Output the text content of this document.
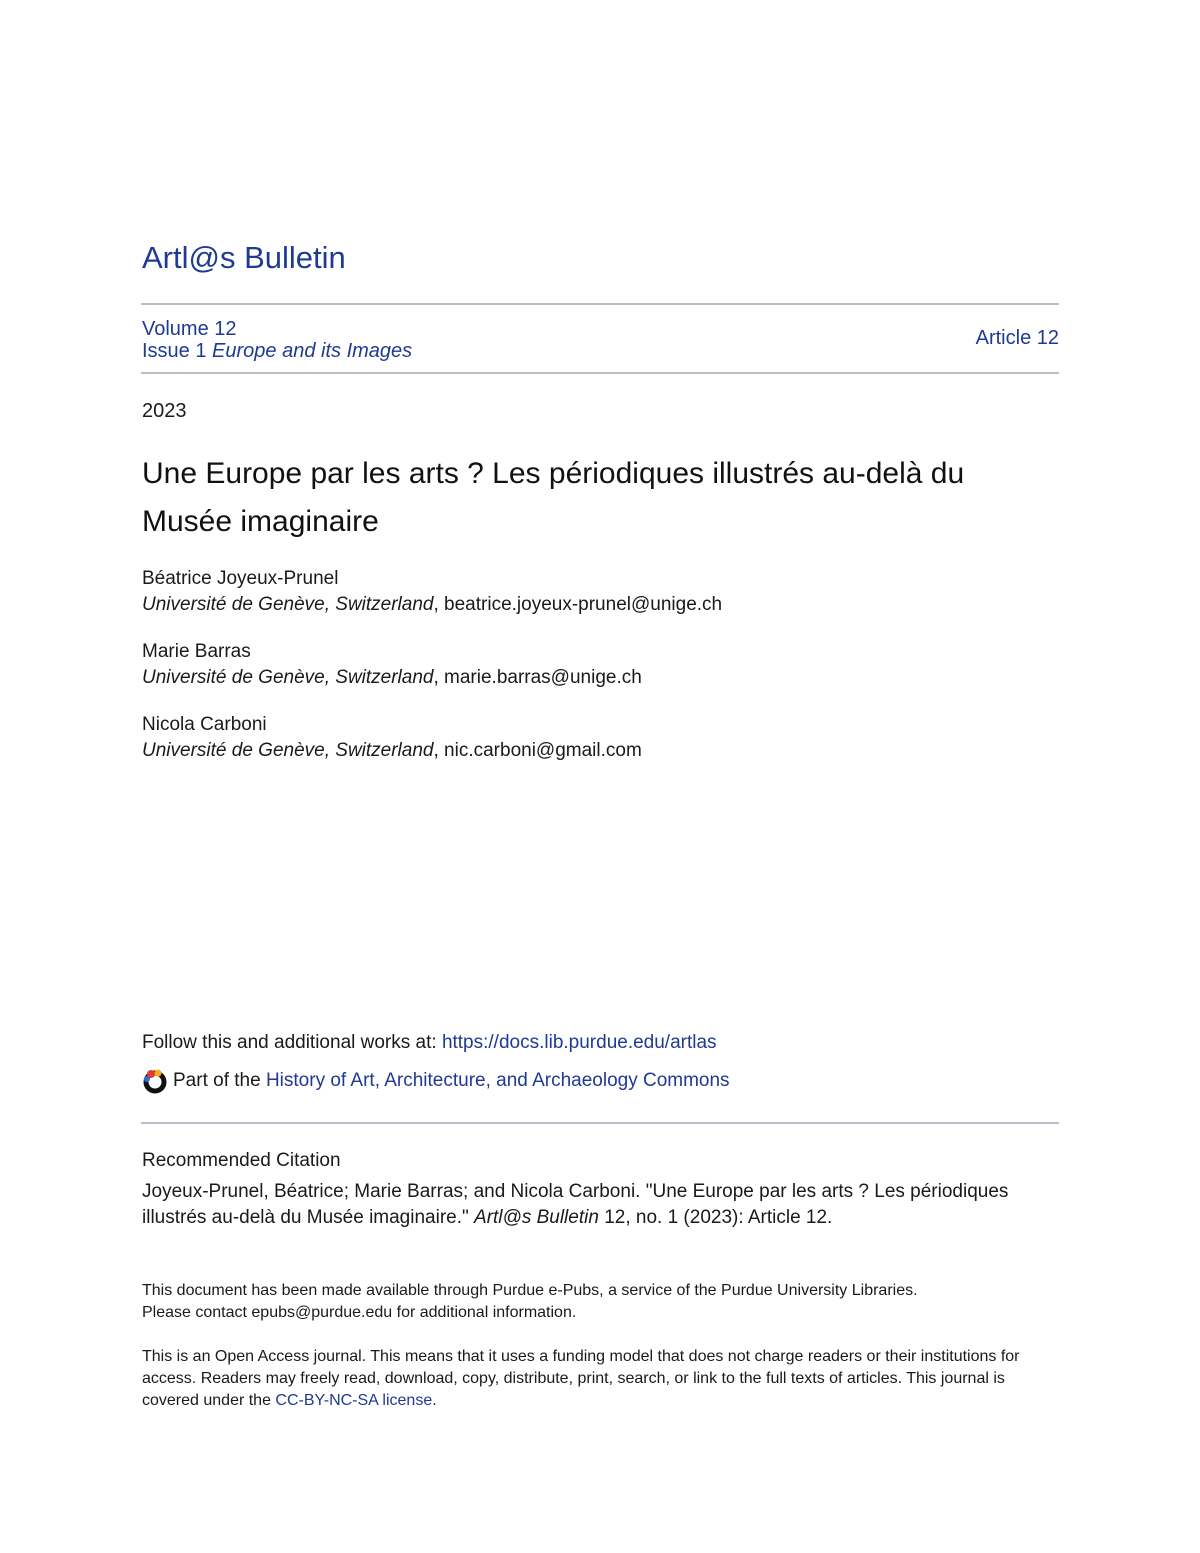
Artl@s Bulletin
Volume 12
Issue 1 Europe and its Images
Article 12
2023
Une Europe par les arts ? Les périodiques illustrés au-delà du Musée imaginaire
Béatrice Joyeux-Prunel
Université de Genève, Switzerland, beatrice.joyeux-prunel@unige.ch
Marie Barras
Université de Genève, Switzerland, marie.barras@unige.ch
Nicola Carboni
Université de Genève, Switzerland, nic.carboni@gmail.com
Follow this and additional works at: https://docs.lib.purdue.edu/artlas
Part of the
History of Art, Architecture, and Archaeology Commons
Recommended Citation
Joyeux-Prunel, Béatrice; Marie Barras; and Nicola Carboni. "Une Europe par les arts ? Les périodiques illustrés au-delà du Musée imaginaire." Artl@s Bulletin 12, no. 1 (2023): Article 12.
This document has been made available through Purdue e-Pubs, a service of the Purdue University Libraries.
Please contact epubs@purdue.edu for additional information.
This is an Open Access journal. This means that it uses a funding model that does not charge readers or their institutions for access. Readers may freely read, download, copy, distribute, print, search, or link to the full texts of articles. This journal is covered under the CC-BY-NC-SA license.
